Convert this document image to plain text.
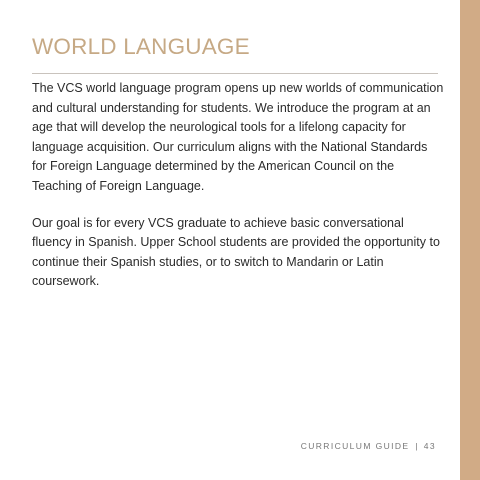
WORLD LANGUAGE

The VCS world language program opens up new worlds of communication and cultural understanding for students. We introduce the program at an age that will develop the neurological tools for a lifelong capacity for language acquisition. Our curriculum aligns with the National Standards for Foreign Language determined by the American Council on the Teaching of Foreign Language.

Our goal is for every VCS graduate to achieve basic conversational fluency in Spanish. Upper School students are provided the opportunity to continue their Spanish studies, or to switch to Mandarin or Latin coursework.

CURRICULUM GUIDE | 43
